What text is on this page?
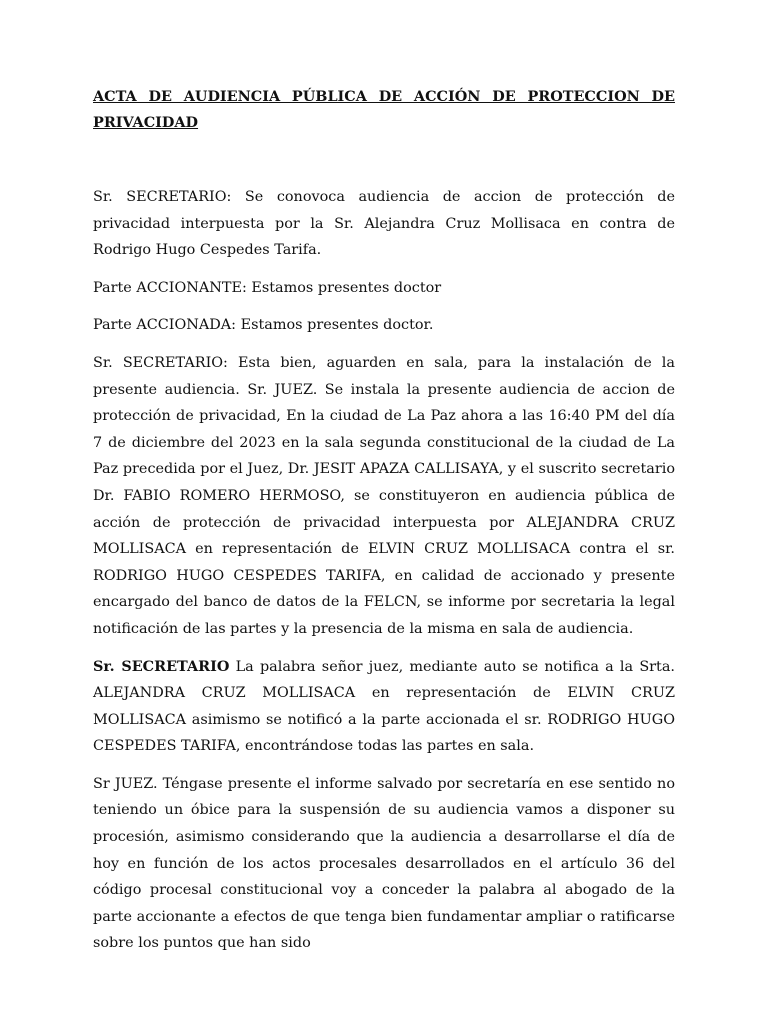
ACTA DE AUDIENCIA PÚBLICA DE ACCIÓN DE PROTECCION DE PRIVACIDAD

Sr. SECRETARIO: Se conovoca audiencia de accion de protección de privacidad interpuesta por la Sr. Alejandra Cruz Mollisaca en contra de Rodrigo Hugo Cespedes Tarifa.

Parte ACCIONANTE: Estamos presentes doctor

Parte ACCIONADA: Estamos presentes doctor.

Sr. SECRETARIO: Esta bien, aguarden en sala, para la instalación de la presente audiencia. Sr. JUEZ. Se instala la presente audiencia de accion de protección de privacidad, En la ciudad de La Paz ahora a las 16:40 PM del día 7 de diciembre del 2023 en la sala segunda constitucional de la ciudad de La Paz precedida por el Juez, Dr. JESIT APAZA CALLISAYA, y el suscrito secretario Dr. FABIO ROMERO HERMOSO, se constituyeron en audiencia pública de acción de protección de privacidad interpuesta por ALEJANDRA CRUZ MOLLISACA en representación de ELVIN CRUZ MOLLISACA contra el sr. RODRIGO HUGO CESPEDES TARIFA, en calidad de accionado y presente encargado del banco de datos de la FELCN, se informe por secretaria la legal notificación de las partes y la presencia de la misma en sala de audiencia.

Sr. SECRETARIO La palabra señor juez, mediante auto se notifica a la Srta. ALEJANDRA CRUZ MOLLISACA en representación de ELVIN CRUZ MOLLISACA asimismo se notificó a la parte accionada el sr. RODRIGO HUGO CESPEDES TARIFA, encontrándose todas las partes en sala.

Sr JUEZ. Téngase presente el informe salvado por secretaría en ese sentido no teniendo un óbice para la suspensión de su audiencia vamos a disponer su procesión, asimismo considerando que la audiencia a desarrollarse el día de hoy en función de los actos procesales desarrollados en el artículo 36 del código procesal constitucional voy a conceder la palabra al abogado de la parte accionante a efectos de que tenga bien fundamentar ampliar o ratificarse sobre los puntos que han sido
